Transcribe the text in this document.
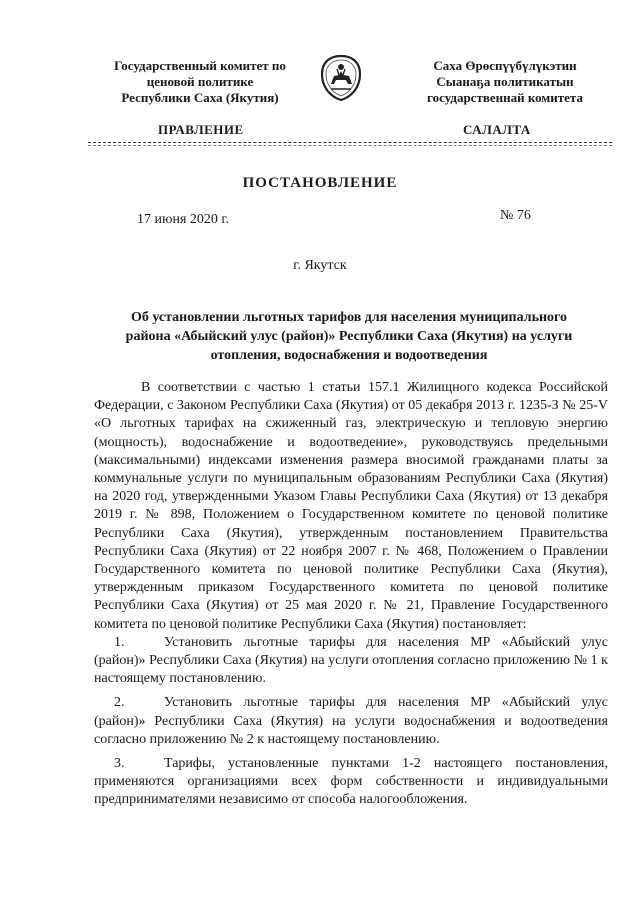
Государственный комитет по
ценовой политике
Республики Саха (Якутия)
Саха Өрөспүүбүлүкэтин
Сыанаҕа политикатын
государственнай комитета
ПРАВЛЕНИЕ	САЛАЛТА
ПОСТАНОВЛЕНИЕ
17 июня 2020 г.	№ 76
г. Якутск
Об установлении льготных тарифов для населения муниципального
района «Абыйский улус (район)» Республики Саха (Якутия) на услуги
отопления, водоснабжения и водоотведения

В соответствии с частью 1 статьи 157.1 Жилищного кодекса Российской Федерации, с Законом Республики Саха (Якутия) от 05 декабря 2013 г. 1235-З № 25-V «О льготных тарифах на сжиженный газ, электрическую и тепловую энергию (мощность), водоснабжение и водоотведение», руководствуясь предельными (максимальными) индексами изменения размера вносимой гражданами платы за коммунальные услуги по муниципальным образованиям Республики Саха (Якутия) на 2020 год, утвержденными Указом Главы Республики Саха (Якутия) от 13 декабря 2019 г. № 898, Положением о Государственном комитете по ценовой политике Республики Саха (Якутия), утвержденным постановлением Правительства Республики Саха (Якутия) от 22 ноября 2007 г. № 468, Положением о Правлении Государственного комитета по ценовой политике Республики Саха (Якутия), утвержденным приказом Государственного комитета по ценовой политике Республики Саха (Якутия) от 25 мая 2020 г. № 21, Правление Государственного комитета по ценовой политике Республики Саха (Якутия) постановляет:

1.	Установить льготные тарифы для населения МР «Абыйский улус (район)» Республики Саха (Якутия) на услуги отопления согласно приложению № 1 к настоящему постановлению.

2.	Установить льготные тарифы для населения МР «Абыйский улус (район)» Республики Саха (Якутия) на услуги водоснабжения и водоотведения согласно приложению № 2 к настоящему постановлению.

3.	Тарифы, установленные пунктами 1-2 настоящего постановления, применяются организациями всех форм собственности и индивидуальными предпринимателями независимо от способа налогообложения.
